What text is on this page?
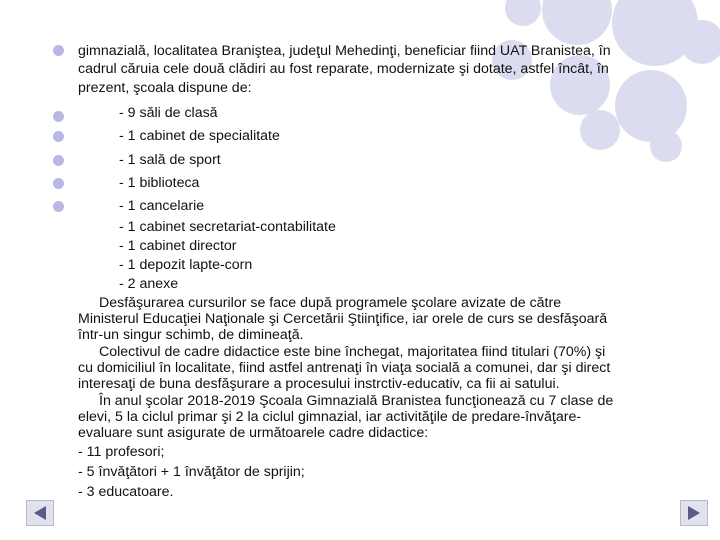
gimnazială, localitatea Braniştea, judeţul Mehedinţi, beneficiar fiind UAT Branistea, în
cadrul căruia cele două clădiri au fost reparate, modernizate şi dotate, astfel încât, în
prezent, şcoala dispune de:
- 9 săli de clasă
- 1 cabinet de specialitate
- 1 sală de sport
- 1 biblioteca
- 1 cancelarie
- 1 cabinet secretariat-contabilitate
- 1 cabinet director
- 1 depozit lapte-corn
- 2 anexe
Desfăşurarea cursurilor se face după programele şcolare avizate de către
Ministerul Educaţiei Naţionale şi Cercetării Ştiinţifice, iar orele de curs se desfăşoară
într-un singur schimb, de dimineaţă.
Colectivul de cadre didactice este bine închegat, majoritatea fiind titulari (70%) şi
cu domiciliul în localitate, fiind astfel antrenaţi în viaţa socială a comunei, dar şi direct
interesaţi de buna desfăşurare a procesului instrctiv-educativ, ca fii ai satului.
În anul şcolar 2018-2019 Şcoala Gimnazială Branistea funcţionează cu 7 clase de
elevi, 5 la ciclul primar şi 2 la ciclul gimnazial, iar activităţile de predare-învăţare-
evaluare sunt asigurate de următoarele cadre didactice:
- 11 profesori;
- 5 învăţători + 1 învăţător de sprijin;
- 3 educatoare.
